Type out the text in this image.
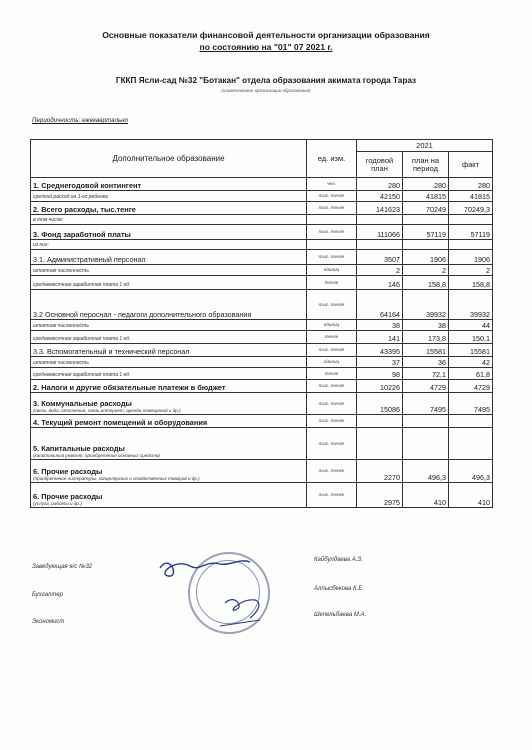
Основные показатели финансовой деятельности организации образования
по состоянию на "01" 07 2021 г.
ГККП Ясли-сад №32 "Ботакан" отдела образования акимата города Тараз
(наименование организации образования)
Периодичность: ежеквартально
Дополнительное образование	ед. изм.	2021		
		годовой план	план на период	факт
1. Среднегодовой контингент	чел.	280	280	280
средний расход на 1-го ребенка	тыс. тенге	42150	41815	41815
2. Всего расходы, тыс.тенге	тыс. тенге	141623	70249	70249,3
в том числе:				
3. Фонд заработной платы	тыс. тенге	111066	57119	57119
из них:				
3.1. Административный персонал	тыс. тенге	3507	1906	1906
штатная численность	единиц	2	2	2
среднемесячная заработная плата 1 ед.	тенге	146	158,8	158,8
3.2 Основной пероснал - педагоги дополнительного образования	тыс. тенге	64164	39932	39932
штатная численность	единиц	38	38	44
среднемесячная заработная плата 1 ед.	тенге	141	173,8	150,1
3.3. Вспомогательный и технический персонал	тыс. тенге	43395	15581	15581
штатная численность	единиц	37	36	42
среднемесячная заработная плата 1 ед.	тенге	98	72,1	61,8
2. Налоги и другие обязательные платежи в бюджет	тыс. тенге	10226	4729	4729
3. Коммунальные расходы
(связь, вода, отопление, связь,интернет, аренда помещений и др.)	тыс. тенге	15086	7495	7495
4. Текущий ремонт помещений и оборудования	тыс. тенге			
5. Капитальные расходы
(капитальный ремонт, приобретение основных средств)	тыс. тенге			
6. Прочие расходы
(приобретение литературы, канцелярских и хозяйственных товаров и др.)	тыс. тенге	2270	496,3	496,3
6. Прочие расходы
(услуга, работы и др.)	тыс. тенге	2975	410	410
Заведующая я/с №32
Кайбулдаева А.З.
Бухгалтер
Алпысбекова К.Е.
Экономист
Шепельбаева М.А.
